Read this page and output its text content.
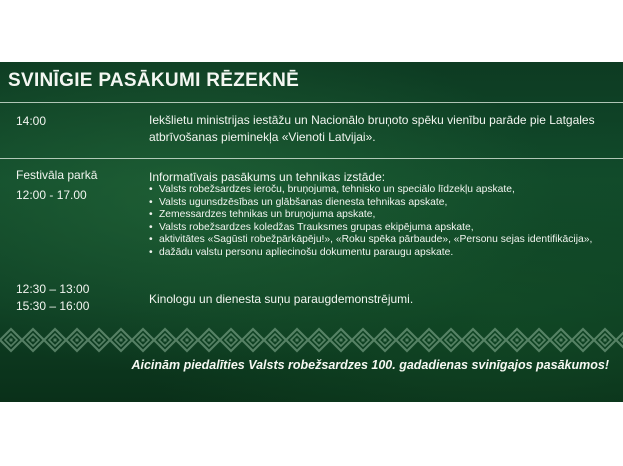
SVINĪGIE PASĀKUMI RĒZEKNĒ
14:00	Iekšlietu ministrijas iestāžu un Nacionālo bruņoto spēku vienību parāde pie Latgales atbrīvošanas pieminekļa «Vienoti Latvijai».
Festivāla parkā
12:00 - 17.00
Informatīvais pasākums un tehnikas izstāde:
• Valsts robežsardzes ieroču, bruņojuma, tehnisko un speciālo līdzekļu apskate,
• Valsts ugunsdzēsības un glābšanas dienesta tehnikas apskate,
• Zemessardzes tehnikas un bruņojuma apskate,
• Valsts robežsardzes koledžas Trauksmes grupas ekipējuma apskate,
• aktivitātes «Sagūsti robežpārkāpēju!», «Roku spēka pārbaude», «Personu sejas identifikācija»,
• dažādu valstu personu apliecinošu dokumentu paraugu apskate.
12:30 – 13:00
15:30 – 16:00	Kinologu un dienesta suņu paraugdemonstrējumi.
Aicinām piedalīties Valsts robežsardzes 100. gadadienas svinīgajos pasākumos!
